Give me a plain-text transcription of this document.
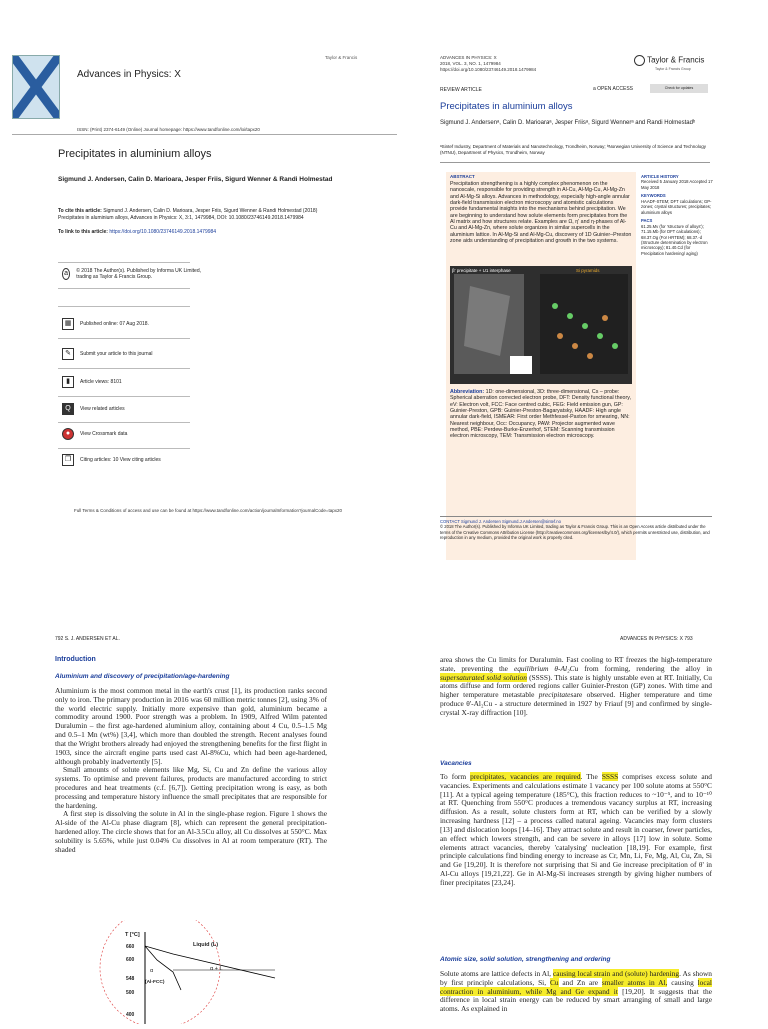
Advances in Physics: X
Taylor & Francis
ISSN: (Print) 2374-6149 (Online) Journal homepage: https://www.tandfonline.com/loi/tapx20
Precipitates in aluminium alloys
Sigmund J. Andersen, Calin D. Marioara, Jesper Friis, Sigurd Wenner & Randi Holmestad
To cite this article: Sigmund J. Andersen, Calin D. Marioara, Jesper Friis, Sigurd Wenner & Randi Holmestad (2018) Precipitates in aluminium alloys, Advances in Physics: X, 3:1, 1479984, DOI: 10.1080/23746149.2018.1479984

To link to this article: https://doi.org/10.1080/23746149.2018.1479984
a	© 2018 The Author(s). Published by Informa UK Limited, trading as Taylor & Francis Group.
▦	Published online: 07 Aug 2018.
✎	Submit your article to this journal
▮	Article views: 8101
Q	View related articles
●	View Crossmark data
❐	Citing articles: 10 View citing articles
Full Terms & Conditions of access and use can be found at https://www.tandfonline.com/action/journalInformation?journalCode=tapx20
ADVANCES IN PHYSICS: X
2018, VOL. 3, NO. 1, 1479984
https://doi.org/10.1080/23746149.2018.1479984
Taylor & Francis
Taylor & Francis Group
REVIEW ARTICLE	a OPEN ACCESS	Check for updates
Precipitates in aluminium alloys
Sigmund J. Andersenᵃ, Calin D. Marioaraᵃ, Jesper Friisᵃ, Sigurd Wennerᵃ and Randi Holmestadᵇ
ᵃSintef Industry, Department of Materials and Nanotechnology, Trondheim, Norway; ᵇNorwegian University of Science and Technology (NTNU), Department of Physics, Trondheim, Norway
ABSTRACT
Precipitation strengthening is a highly complex phenomenon on the nanoscale, responsible for providing strength in Al-Cu, Al-Mg-Cu, Al-Mg-Zn and Al-Mg-Si alloys. Advances in methodology, especially high-angle annular dark-field transmission electron microscopy and atomistic calculations provide fundamental insights into the mechanisms behind precipitation. We are beginning to understand how solute elements form precipitates from the Al matrix and how structures relate. Examples are Ω, η' and η-phases of Al-Cu and Al-Mg-Zn, where solute organizes in similar supercells in the aluminium lattice. In Al-Mg-Si and Al-Mg-Cu, discovery of 1D Guinier–Preston zone aids understanding of precipitation and growth in the two systems.
β' precipitate + U1 interphase	Si pyramids
Abbreviation: 1D: one-dimensional, 3D: three-dimensional, Cs – probe: Spherical aberration corrected electron probe, DFT: Density functional theory, eV: Electron volt, FCC: Face centred cubic, FEG: Field emission gun, GP: Guinier-Preston, GPB: Guinier-Preston-Bagaryatsky, HAADF: High angle annular dark-field, ISMEAR: First order Methfessel-Paxton for smearing, NN: Nearest neighbour, Occ: Occupancy, PAW: Projector augmented wave method, PBE: Perdew-Burke-Enzerhof, STEM: Scanning transmission electron microscopy, TEM: Transmission electron microscopy.
ARTICLE HISTORY
Received 5 January 2018 Accepted 17 May 2018
KEYWORDS
HAADF-STEM; DFT calculations; GP- zones; crystal structures; precipitates; aluminium alloys
PACS
61.25.Mv (for 'structure of alloys'); 71.15.Mb (for DFT calculations); 68.37.Og (For HRTEM); 68.37.-d (Structure determination by electron microscopy); 81.40.Cd (for Precipitation hardening/ aging)
CONTACT Sigmund J. Andersen Sigmund.J.Andersen@sintef.no
© 2018 The Author(s). Published by Informa UK Limited, trading as Taylor & Francis Group. This is an Open Access article distributed under the terms of the Creative Commons Attribution License (http://creativecommons.org/licenses/by/4.0/), which permits unrestricted use, distribution, and reproduction in any medium, provided the original work is properly cited.
792 S. J. ANDERSEN ET AL.
Introduction
Aluminium and discovery of precipitation/age-hardening

Aluminium is the most common metal in the earth's crust [1], its production ranks second only to iron. The primary production in 2016 was 60 million metric tonnes [2], using 3% of the world electric supply. Initially more expensive than gold, aluminium became a commodity around 1900. Poor strength was a problem. In 1909, Alfred Wilm patented Duralumin – the first age-hardened aluminium alloy, containing about 4 Cu, 0.5–1.5 Mg and 0.5–1 Mn (wt%) [3,4], which more than doubled the strength. Recent analyses found that the Wright brothers already had enjoyed the strengthening benefits for the first flight in 1903, since the aircraft engine parts used cast Al-8%Cu, which had been age-hardened, although probably inadvertently [5].

Small amounts of solute elements like Mg, Si, Cu and Zn define the various alloy systems. To optimise and prevent failures, products are manufactured according to strict procedures and heat treatments (c.f. [6,7]). Getting precipitation wrong is easy, as both processing and temperature history influence the small precipitates that are responsible for the hardening.

A first step is dissolving the solute in Al in the single-phase region. Figure 1 shows the Al-side of the Al-Cu phase diagram [8], which can represent the general precipitation-hardened alloy. The circle shows that for an Al-3.5Cu alloy, all Cu dissolves at 550°C. Max solubility is 5.65%, while just 0.04% Cu dissolves in Al at room temperature (RT). The shaded

T [°C]
Liquid (L)
α + L
α
(Al-FCC)
660
600
548
500
400
ADVANCES IN PHYSICS: X 793
area shows the Cu limits for Duralumin. Fast cooling to RT freezes the high-temperature state, preventing the equilibrium θ-Al₂Cu from forming, rendering the alloy in supersaturated solid solution (SSSS). This state is highly unstable even at RT. Initially, Cu atoms diffuse and form ordered regions caller Guinier-Preston (GP) zones. With time and higher temperature metastable precipitatesare observed. Higher temperature and time produce θ'-Al₂Cu - a structure determined in 1927 by Friauf [9] and confirmed by single-crystal X-ray diffraction [10].
Vacancies
To form precipitates, vacancies are required. The SSSS comprises excess solute and vacancies. Experiments and calculations estimate 1 vacancy per 100 solute atoms at 550°C [11]. At a typical ageing temperature (185°C), this fraction reduces to ~10⁻⁵, and to 10⁻¹⁰ at RT. Quenching from 550°C produces a tremendous vacancy surplus at RT, increasing diffusion. As a result, solute clusters form at RT, which can be verified by a slowly increasing hardness [12] – a process called natural ageing. Vacancies may form clusters [13] and dislocation loops [14–16]. They attract solute and result in coarser, fewer particles, an effect which lowers strength, and can be severe in alloys [17] low in solute. Some elements attract vacancies, thereby 'catalysing' nucleation [18,19]. For example, first principle calculations find binding energy to increase as Cr, Mn, Li, Fe, Mg, Al, Cu, Zn, Si and Ge [19,20]. It is therefore not surprising that Si and Ge increase precipitation of θ' in Al-Cu alloys [19,21,22]. Ge in Al-Mg-Si increases strength by giving higher numbers of finer precipitates [23,24].
Atomic size, solid solution, strengthening and ordering
Solute atoms are lattice defects in Al, causing local strain and (solute) hardening. As shown by first principle calculations, Si, Cu and Zn are smaller atoms in Al, causing local contraction in aluminium, while Mg and Ge expand it [19,20]. It suggests that the difference in local strain energy can be reduced by smart arranging of small and large atoms. As explained in
